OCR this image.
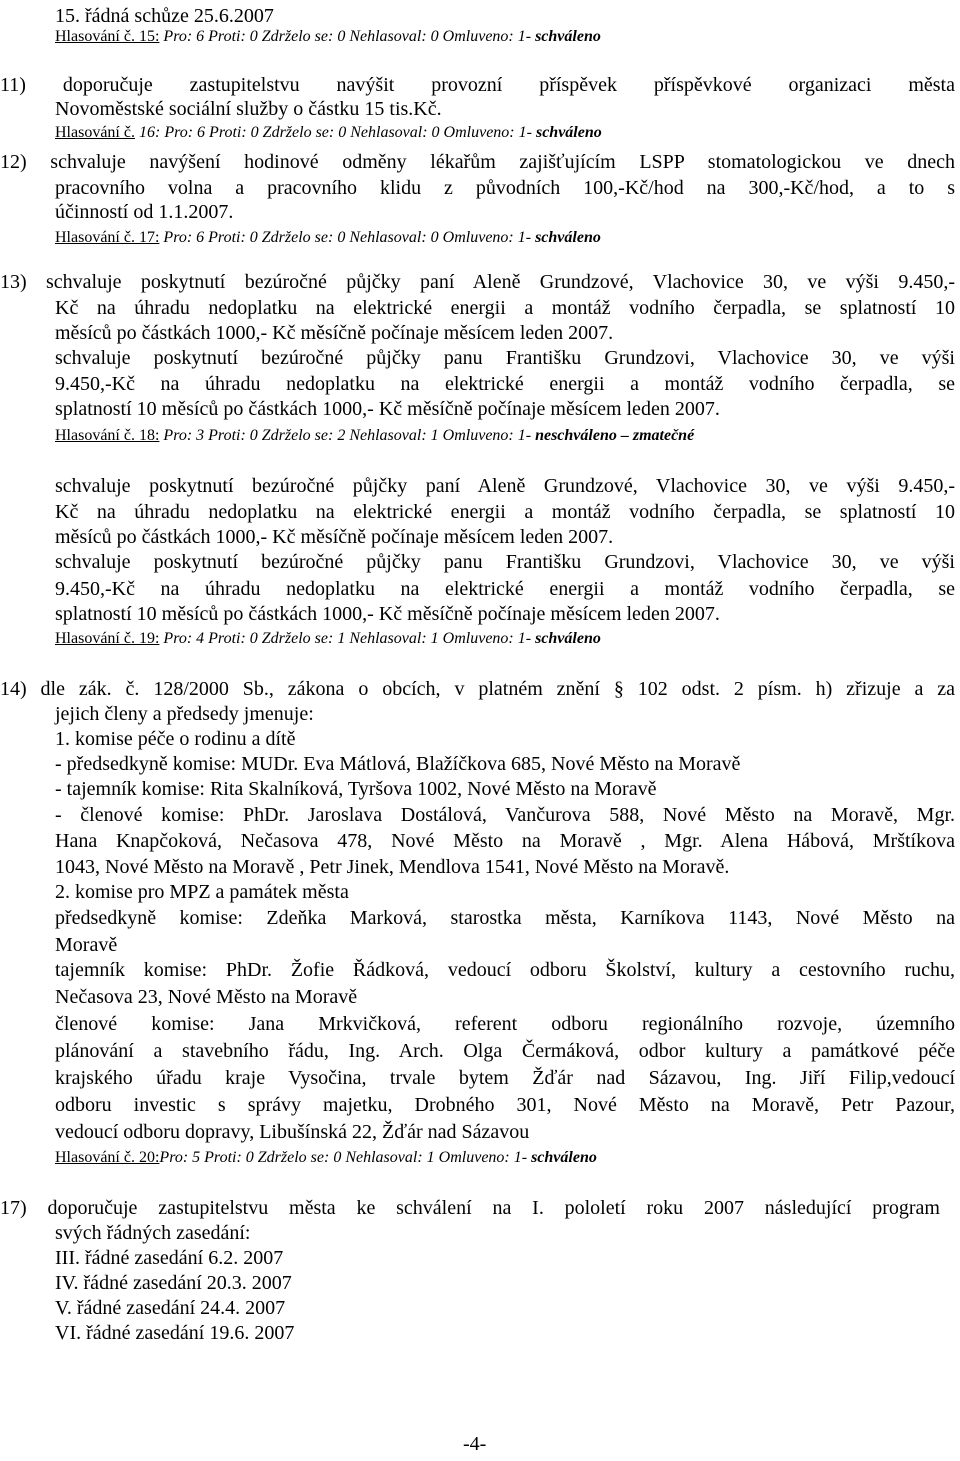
15. řádná schůze 25.6.2007
Hlasování č. 15: Pro: 6 Proti: 0 Zdrželo se: 0 Nehlasoval: 0 Omluveno: 1- schváleno
11) doporučuje zastupitelstvu navýšit provozní příspěvek příspěvkové organizaci města
Novoměstské sociální služby o částku 15 tis.Kč.
Hlasování č. 16: Pro: 6 Proti: 0 Zdrželo se: 0 Nehlasoval: 0 Omluveno: 1- schváleno
12) schvaluje navýšení hodinové odměny lékařům zajišťujícím LSPP stomatologickou ve dnech
pracovního volna a pracovního klidu z původních 100,-Kč/hod na 300,-Kč/hod, a to s
účinností od 1.1.2007.
Hlasování č. 17: Pro: 6 Proti: 0 Zdrželo se: 0 Nehlasoval: 0 Omluveno: 1- schváleno
13) schvaluje poskytnutí bezúročné půjčky paní Aleně Grundzové, Vlachovice 30, ve výši 9.450,-
Kč na úhradu nedoplatku na elektrické energii a montáž vodního čerpadla, se splatností 10
měsíců po částkách 1000,- Kč měsíčně počínaje měsícem leden 2007.
schvaluje poskytnutí bezúročné půjčky panu Františku Grundzovi, Vlachovice 30, ve výši
9.450,-Kč na úhradu nedoplatku na elektrické energii a montáž vodního čerpadla, se
splatností 10 měsíců po částkách 1000,- Kč měsíčně počínaje měsícem leden 2007.
Hlasování č. 18: Pro: 3 Proti: 0 Zdrželo se: 2 Nehlasoval: 1 Omluveno: 1- neschváleno – zmatečné
schvaluje poskytnutí bezúročné půjčky paní Aleně Grundzové, Vlachovice 30, ve výši 9.450,-
Kč na úhradu nedoplatku na elektrické energii a montáž vodního čerpadla, se splatností 10
měsíců po částkách 1000,- Kč měsíčně počínaje měsícem leden 2007.
schvaluje poskytnutí bezúročné půjčky panu Františku Grundzovi, Vlachovice 30, ve výši
9.450,-Kč na úhradu nedoplatku na elektrické energii a montáž vodního čerpadla, se
splatností 10 měsíců po částkách 1000,- Kč měsíčně počínaje měsícem leden 2007.
Hlasování č. 19: Pro: 4 Proti: 0 Zdrželo se: 1 Nehlasoval: 1 Omluveno: 1- schváleno
14) dle zák. č. 128/2000 Sb., zákona o obcích, v platném znění § 102 odst. 2 písm. h) zřizuje a za
jejich členy a předsedy jmenuje:
1. komise péče o rodinu a dítě
- předsedkyně komise: MUDr. Eva Mátlová, Blažíčkova 685, Nové Město na Moravě
- tajemník komise: Rita Skalníková, Tyršova 1002, Nové Město na Moravě
- členové komise: PhDr. Jaroslava Dostálová, Vančurova 588, Nové Město na Moravě, Mgr.
Hana Knapčoková, Nečasova 478, Nové Město na Moravě , Mgr. Alena Hábová, Mrštíkova
1043, Nové Město na Moravě , Petr Jinek, Mendlova 1541, Nové Město na Moravě.
2. komise pro MPZ a památek města
předsedkyně komise: Zdeňka Marková, starostka města, Karníkova 1143, Nové Město na
Moravě
tajemník komise: PhDr. Žofie Řádková, vedoucí odboru Školství, kultury a cestovního ruchu,
Nečasova 23, Nové Město na Moravě
členové komise: Jana Mrkvičková, referent odboru regionálního rozvoje, územního
plánování a stavebního řádu, Ing. Arch. Olga Čermáková, odbor kultury a památkové péče
krajského úřadu kraje Vysočina, trvale bytem Žďár nad Sázavou, Ing. Jiří Filip,vedoucí
odboru investic s správy majetku, Drobného 301, Nové Město na Moravě, Petr Pazour,
vedoucí odboru dopravy, Libušínská 22, Žďár nad Sázavou
Hlasování č. 20:Pro: 5 Proti: 0 Zdrželo se: 0 Nehlasoval: 1 Omluveno: 1- schváleno
17) doporučuje zastupitelstvu města ke schválení na I. pololetí roku 2007 následující program
svých řádných zasedání:
III. řádné zasedání 6.2. 2007
IV. řádné zasedání 20.3. 2007
V. řádné zasedání 24.4. 2007
VI. řádné zasedání 19.6. 2007
-4-
